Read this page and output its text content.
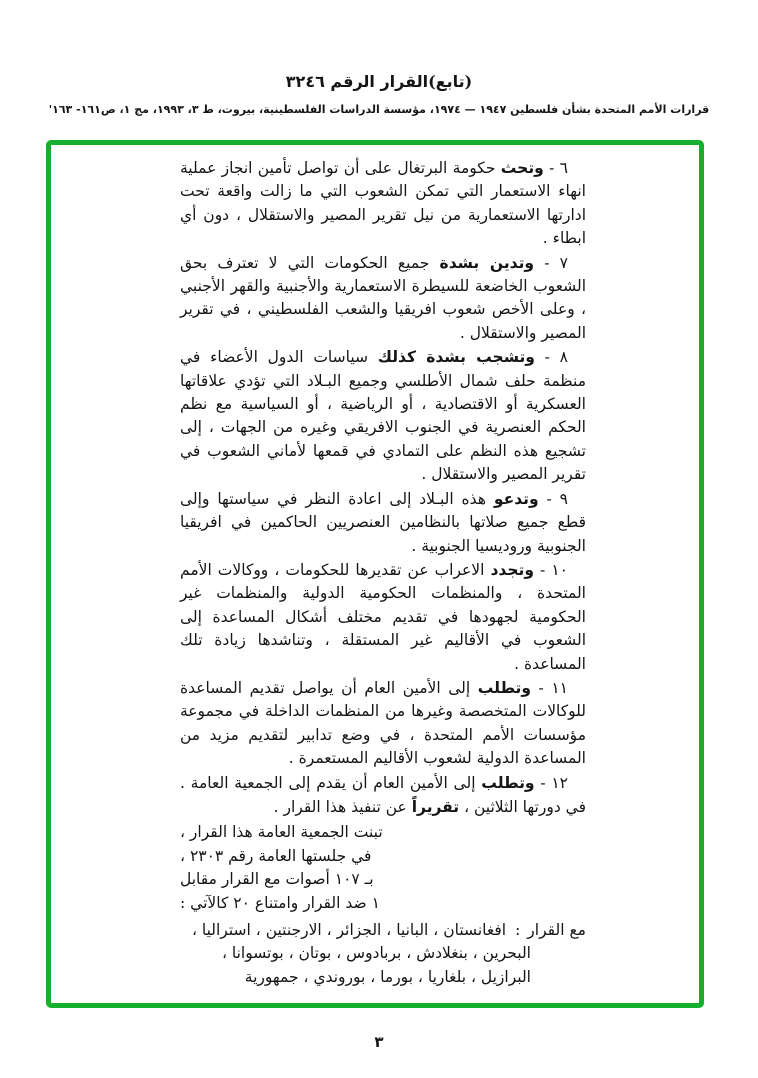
(تابع)القرار الرقم ٣٢٤٦
قرارات الأمم المتحدة بشأن فلسطين ١٩٤٧ — ١٩٧٤، مؤسسة الدراسات الفلسطينية، بيروت، ط ٣، ١٩٩٣، مج ١، ص١٦١- ١٦٣'

٦ - وتحث حكومة البرتغال على أن تواصل تأمين انجاز عملية انهاء الاستعمار التي تمكن الشعوب التي ما زالت واقعة تحت ادارتها الاستعمارية من نيل تقرير المصير والاستقلال ، دون أي ابطاء .

٧ - وتدين بشدة جميع الحكومات التي لا تعترف بحق الشعوب الخاضعة للسيطرة الاستعمارية والأجنبية والقهر الأجنبي ، وعلى الأخص شعوب افريقيا والشعب الفلسطيني ، في تقرير المصير والاستقلال .

٨ - وتشجب بشدة كذلك سياسات الدول الأعضاء في منظمة حلف شمال الأطلسي وجميع البـلاد التي تؤدي علاقاتها العسكرية أو الاقتصادية ، أو الرياضية ، أو السياسية مع نظم الحكم العنصرية في الجنوب الافريقي وغيره من الجهات ، إلى تشجيع هذه النظم على التمادي في قمعها لأماني الشعوب في تقرير المصير والاستقلال .

٩ - وتدعو هذه البـلاد إلى اعادة النظر في سياستها وإلى قطع جميع صلاتها بالنظامين العنصريين الحاكمين في افريقيا الجنوبية وروديسيا الجنوبية .

١٠ - وتجدد الاعراب عن تقديرها للحكومات ، ووكالات الأمم المتحدة ، والمنظمات الحكومية الدولية والمنظمات غير الحكومية لجهودها في تقديم مختلف أشكال المساعدة إلى الشعوب في الأقاليم غير المستقلة ، وتناشدها زيادة تلك المساعدة .

١١ - وتطلب إلى الأمين العام أن يواصل تقديم المساعدة للوكالات المتخصصة وغيرها من المنظمات الداخلة في مجموعة مؤسسات الأمم المتحدة ، في وضع تدابير لتقديم مزيد من المساعدة الدولية لشعوب الأقاليم المستعمرة .

١٢ - وتطلب إلى الأمين العام أن يقدم إلى الجمعية العامة . في دورتها الثلاثين ، تقريراً عن تنفيذ هذا القرار .

تبنت الجمعية العامة هذا القرار ،
في جلستها العامة رقم ٢٣٠٣ ،
بـ ١٠٧ أصوات مع القرار مقابل
١ ضد القرار وامتناع ٢٠ كالآتي :

مع القرار:افغانستان ، البانيا ، الجزائر ، الارجنتين ، استراليا ، البحرين ، بنغلادش ، بربادوس ، بوتان ، بوتسوانا ، البرازيل ، بلغاريا ، بورما ، بوروندي ، جمهورية

٣
